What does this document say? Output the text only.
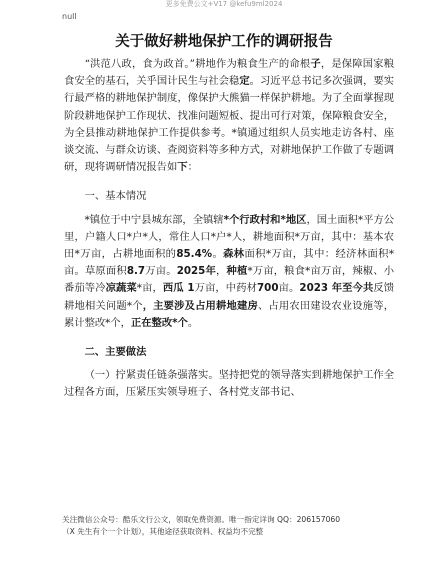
更多免费公文+V17 @kefu9ml2024
null
关于做好耕地保护工作的调研报告

“洪范八政，食为政首。”耕地作为粮食生产的命根子，是保障国家粮食安全的基石，关乎国计民生与社会稳定。习近平总书记多次强调，要实行最严格的耕地保护制度，像保护大熊猫一样保护耕地。为了全面掌握现阶段耕地保护工作现状、找准问题短板、提出可行对策，保障粮食安全，为全县推动耕地保护工作提供参考。*镇通过组织人员实地走访各村、座谈交流、与群众访谈、查阅资料等多种方式，对耕地保护工作做了专题调研，现将调研情况报告如下：

一、基本情况

*镇位于中宁县城东部，全镇辖*个行政村和*地区，国土面积*平方公里，户籍人口*户*人，常住人口*户*人，耕地面积*万亩，其中：基本农田*万亩，占耕地面积的85.4%。森林面积*万亩，其中：经济林面积*亩。草原面积8.7万亩。2025年，种植*万亩，粮食*亩万亩，辣椒、小番茄等冷凉蔬菜*亩，西瓜 1万亩，中药材700亩。2023 年至今共反馈耕地相关问题*个，主要涉及占用耕地建房、占用农田建设农业设施等，累计整改*个，正在整改*个。

二、主要做法

（一）拧紧责任链条强落实。坚持把党的领导落实到耕地保护工作全过程各方面，压紧压实领导班子、各村党支部书记、

关注微信公众号：酷乐文行公文，领取免费资源。唯一指定详询 QQ：206157060
（X 先生有个一个计划），其他途径获取资料、权益均不完整
